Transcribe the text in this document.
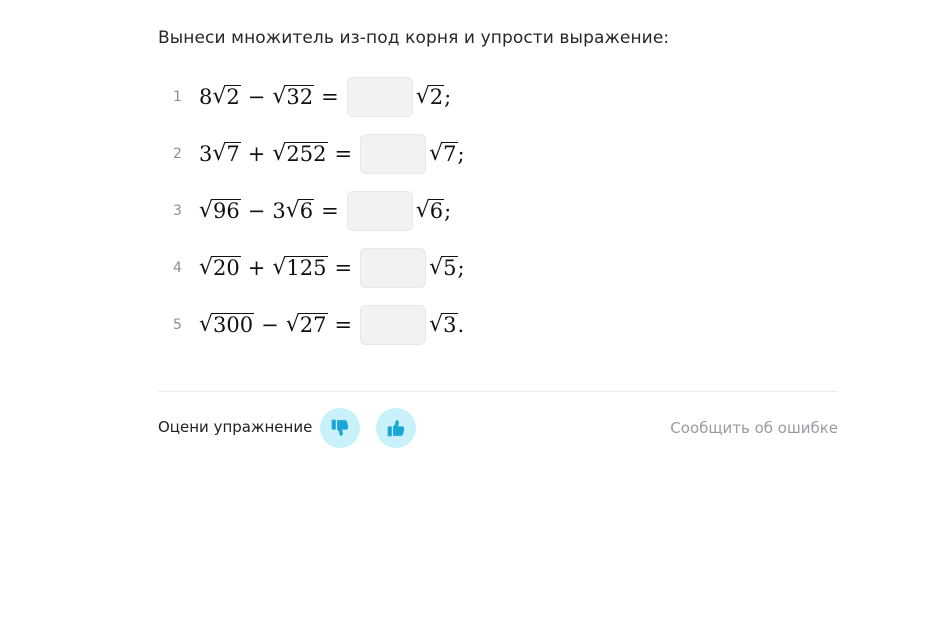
Вынеси множитель из-под корня и упрости выражение:
1 8 √ 2 − √ 32 =	√ 2 ;
2 3 √ 7 + √ 252 =	√ 7 ;
3 √ 96 − 3 √ 6 =	√ 6 ;
4 √ 20 + √ 125 =	√ 5 ;
5 √ 300 − √ 27 =	√ 3 .
Оцени упражнение	Сообщить об ошибке
